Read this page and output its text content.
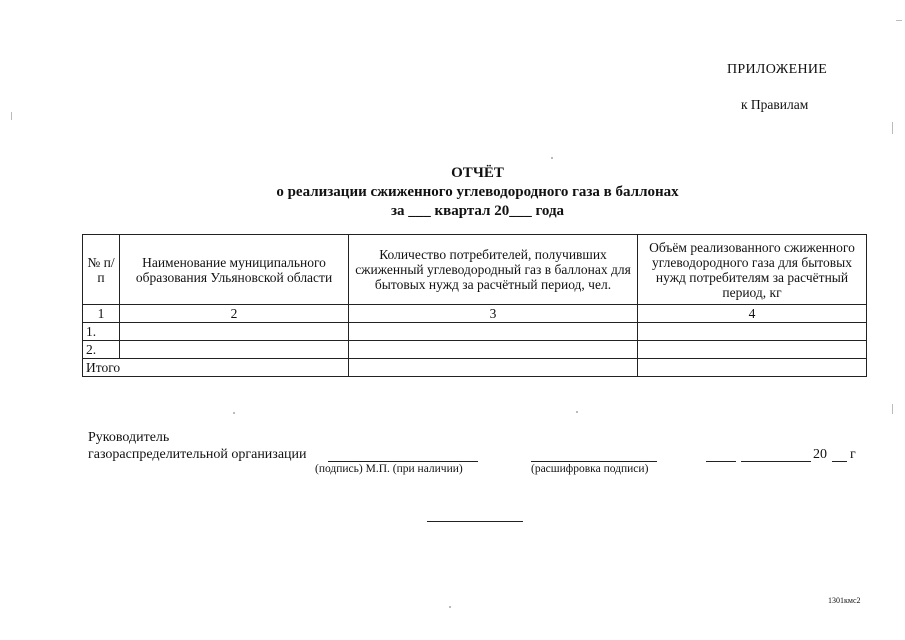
ПРИЛОЖЕНИЕ
к Правилам
ОТЧЁТ
о реализации сжиженного углеводородного газа в баллонах
за ___ квартал 20___ года
№ п/п	Наименование муниципального образования Ульяновской области	Количество потребителей, получивших сжиженный углеводородный газ в баллонах для бытовых нужд за расчётный период, чел.	Объём реализованного сжиженного углеводородного газа для бытовых нужд потребителям за расчётный период, кг
1	2	3	4
1.			
2.			
Итого			
Руководитель
газораспределительной организации	20 г
(подпись) М.П. (при наличии)	(расшифровка подписи)
1301кмс2
